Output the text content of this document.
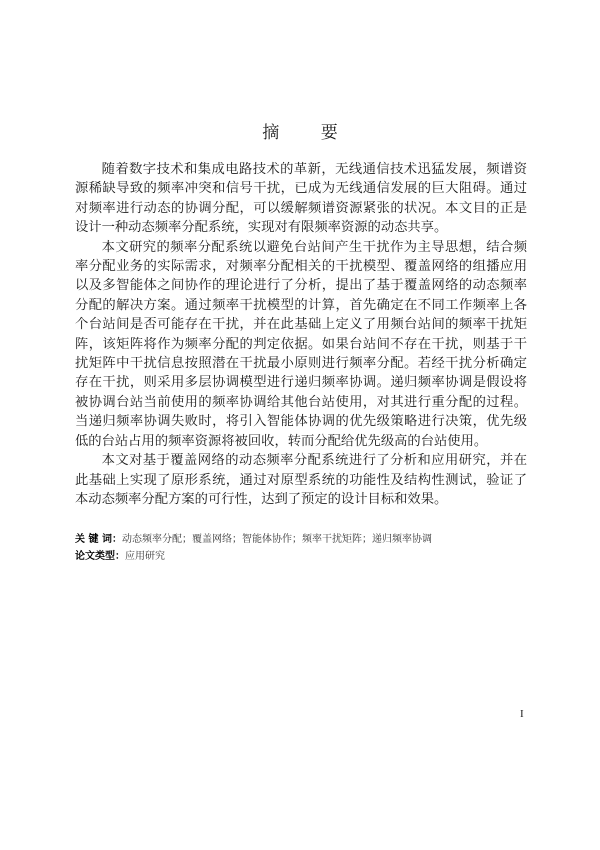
摘 要

随着数字技术和集成电路技术的革新，无线通信技术迅猛发展，频谱资源稀缺导致的频率冲突和信号干扰，已成为无线通信发展的巨大阻碍。通过对频率进行动态的协调分配，可以缓解频谱资源紧张的状况。本文目的正是设计一种动态频率分配系统，实现对有限频率资源的动态共享。

本文研究的频率分配系统以避免台站间产生干扰作为主导思想，结合频率分配业务的实际需求，对频率分配相关的干扰模型、覆盖网络的组播应用以及多智能体之间协作的理论进行了分析，提出了基于覆盖网络的动态频率分配的解决方案。通过频率干扰模型的计算，首先确定在不同工作频率上各个台站间是否可能存在干扰，并在此基础上定义了用频台站间的频率干扰矩阵，该矩阵将作为频率分配的判定依据。如果台站间不存在干扰，则基于干扰矩阵中干扰信息按照潜在干扰最小原则进行频率分配。若经干扰分析确定存在干扰，则采用多层协调模型进行递归频率协调。递归频率协调是假设将被协调台站当前使用的频率协调给其他台站使用，对其进行重分配的过程。当递归频率协调失败时，将引入智能体协调的优先级策略进行决策，优先级低的台站占用的频率资源将被回收，转而分配给优先级高的台站使用。

本文对基于覆盖网络的动态频率分配系统进行了分析和应用研究，并在此基础上实现了原形系统，通过对原型系统的功能性及结构性测试，验证了本动态频率分配方案的可行性，达到了预定的设计目标和效果。

关 键 词：动态频率分配；覆盖网络；智能体协作；频率干扰矩阵；递归频率协调
论文类型：应用研究
I
